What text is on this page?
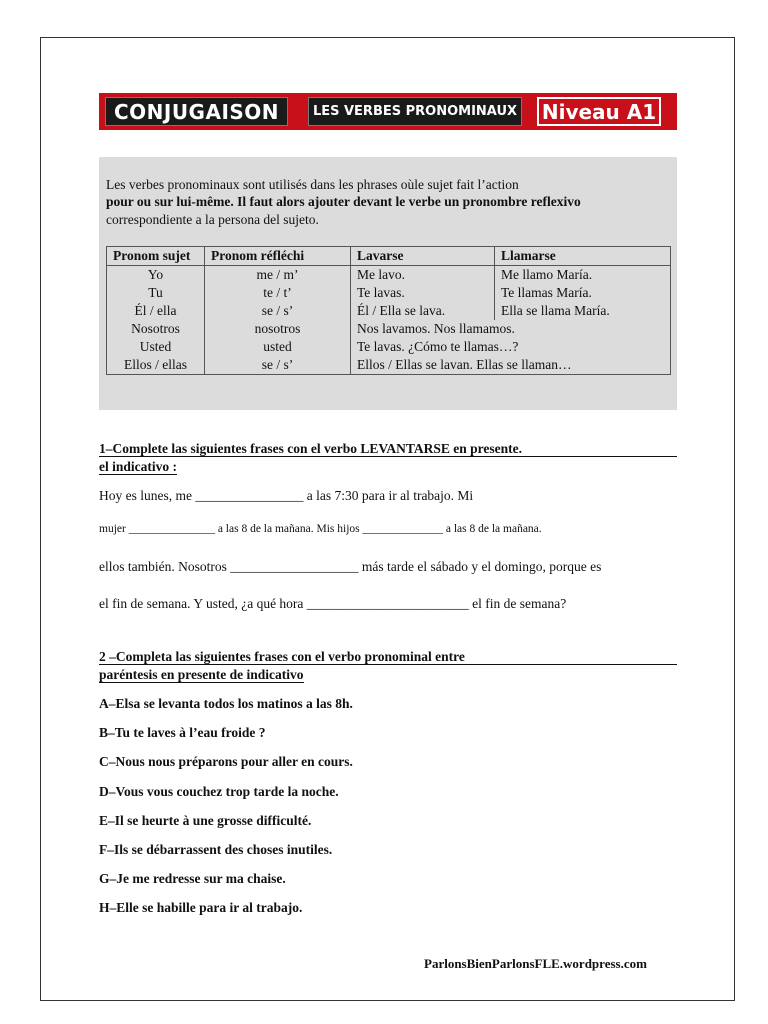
CONJUGAISON	LES VERBES PRONOMINAUX Niveau A1
Les verbes pronominaux sont utilisés dans les phrases oùle sujet fait l’action
pour ou sur lui-même. Il faut alors ajouter devant le verbe un pronombre reflexivo
correspondiente a la persona del sujeto.
Pronom sujet	Pronom réfléchi	Lavarse	Llamarse
Yo	me / m’	Me lavo.	Me llamo María.
Tu	te / t’	Te lavas.	Te llamas María.
Él / ella	se / s’	Él / Ella se lava.	Ella se llama María.
Nosotros	nosotros	Nos lavamos. Nos llamamos.	
Usted	usted	Te lavas. ¿Cómo te llamas…?	
Ellos / ellas	se / s’	Ellos / Ellas se lavan. Ellas se llaman…	
1–Complete las siguientes frases con el verbo LEVANTARSE en presente.
el indicativo :
Hoy es lunes, me ________________ a las 7:30 para ir al trabajo. Mi
mujer _______________ a las 8 de la mañana. Mis hijos ______________ a las 8 de la mañana.
ellos también. Nosotros ___________________ más tarde el sábado y el domingo, porque es
el fin de semana. Y usted, ¿a qué hora ________________________ el fin de semana?
2 –Completa las siguientes frases con el verbo pronominal entre
paréntesis en presente de indicativo
A–Elsa se levanta todos los matinos a las 8h.
B–Tu te laves à l’eau froide ?
C–Nous nous préparons pour aller en cours.
D–Vous vous couchez trop tarde la noche.
E–Il se heurte à une grosse difficulté.
F–Ils se débarrassent des choses inutiles.
G–Je me redresse sur ma chaise.
H–Elle se habille para ir al trabajo.
ParlonsBienParlonsFLE.wordpress.com
